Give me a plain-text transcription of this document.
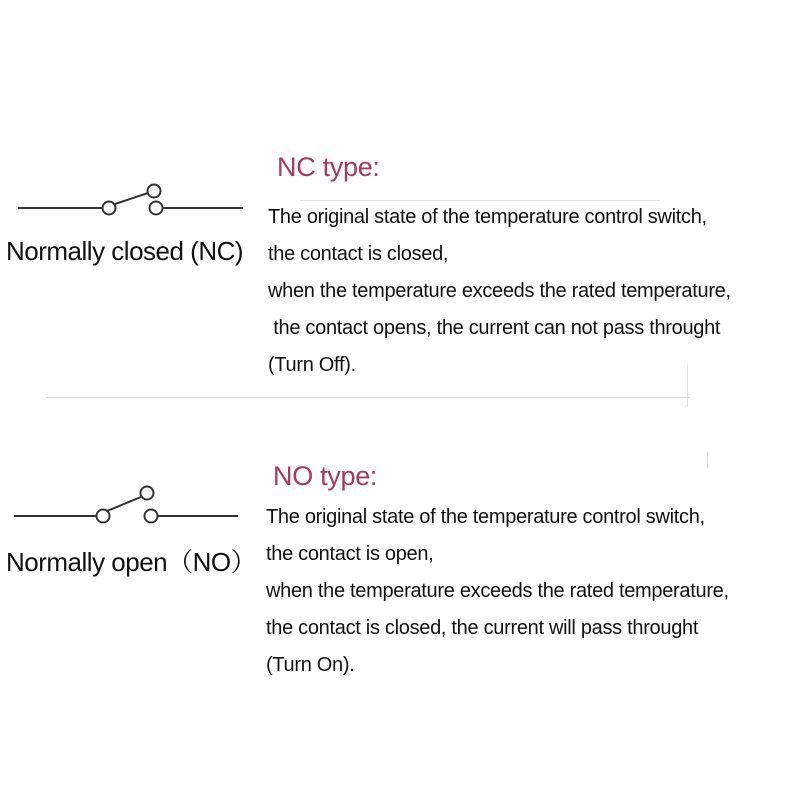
Normally closed (NC)
NC type:
The original state of the temperature control switch,
the contact is closed,
when the temperature exceeds the rated temperature,
the contact opens, the current can not pass throught
(Turn Off).
Normally open（NO）
NO type:
The original state of the temperature control switch,
the contact is open,
when the temperature exceeds the rated temperature,
the contact is closed, the current will pass throught
(Turn On).
